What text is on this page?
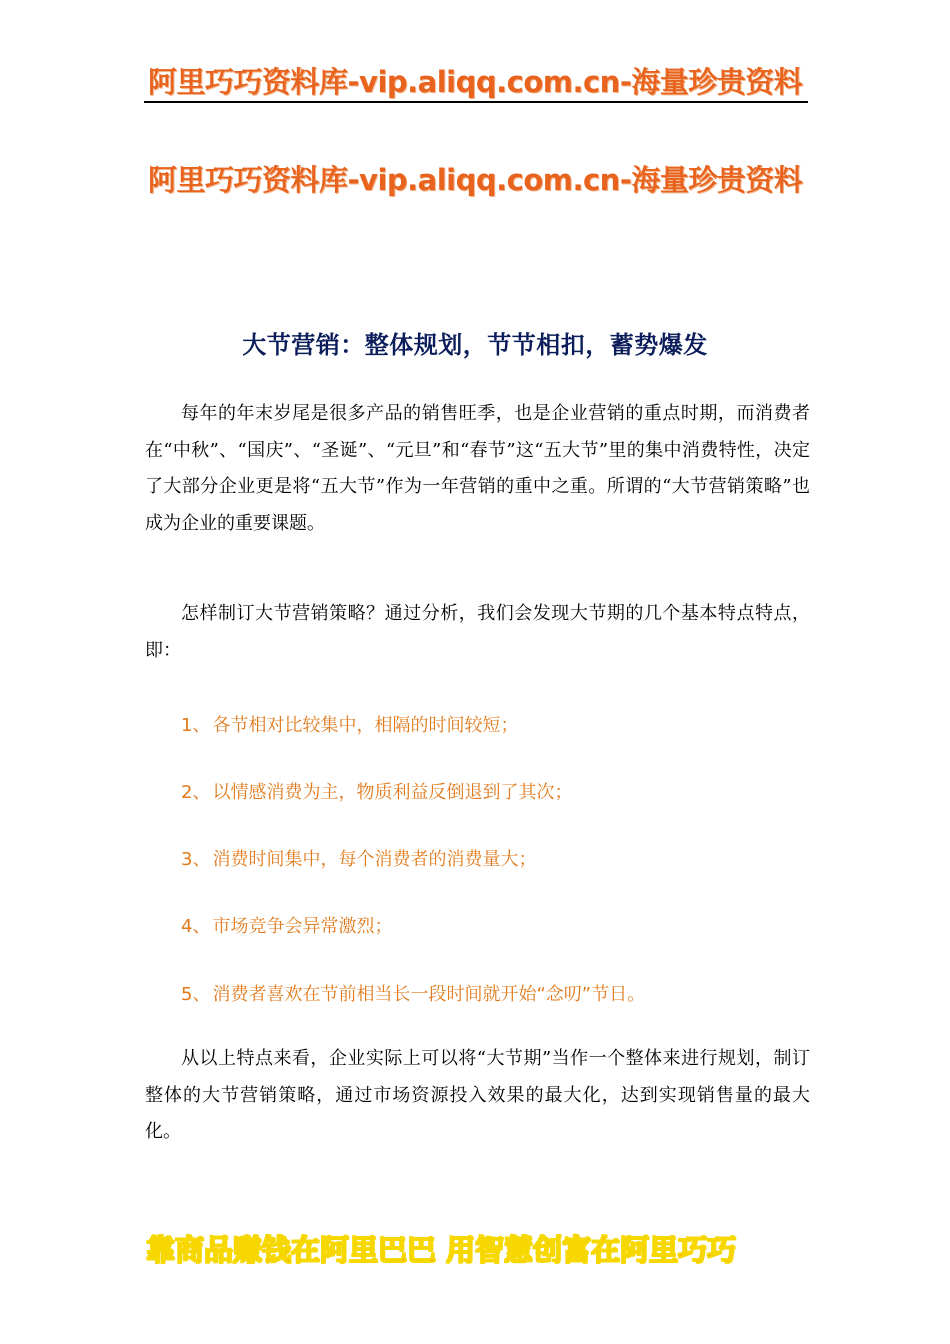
阿里巧巧资料库-vip.aliqq.com.cn-海量珍贵资料
阿里巧巧资料库-vip.aliqq.com.cn-海量珍贵资料
大节营销：整体规划，节节相扣，蓄势爆发

每年的年末岁尾是很多产品的销售旺季，也是企业营销的重点时期，而消费者在“中秋”、“国庆”、“圣诞”、“元旦”和“春节”这“五大节”里的集中消费特性，决定了大部分企业更是将“五大节”作为一年营销的重中之重。所谓的“大节营销策略”也成为企业的重要课题。

怎样制订大节营销策略？通过分析，我们会发现大节期的几个基本特点特点，即：

1、 各节相对比较集中，相隔的时间较短；
2、 以情感消费为主，物质利益反倒退到了其次；
3、 消费时间集中，每个消费者的消费量大；
4、 市场竞争会异常激烈；
5、 消费者喜欢在节前相当长一段时间就开始“念叨”节日。

从以上特点来看，企业实际上可以将“大节期”当作一个整体来进行规划，制订整体的大节营销策略，通过市场资源投入效果的最大化，达到实现销售量的最大化。

靠商品赚钱在阿里巴巴 用智慧创富在阿里巧巧
